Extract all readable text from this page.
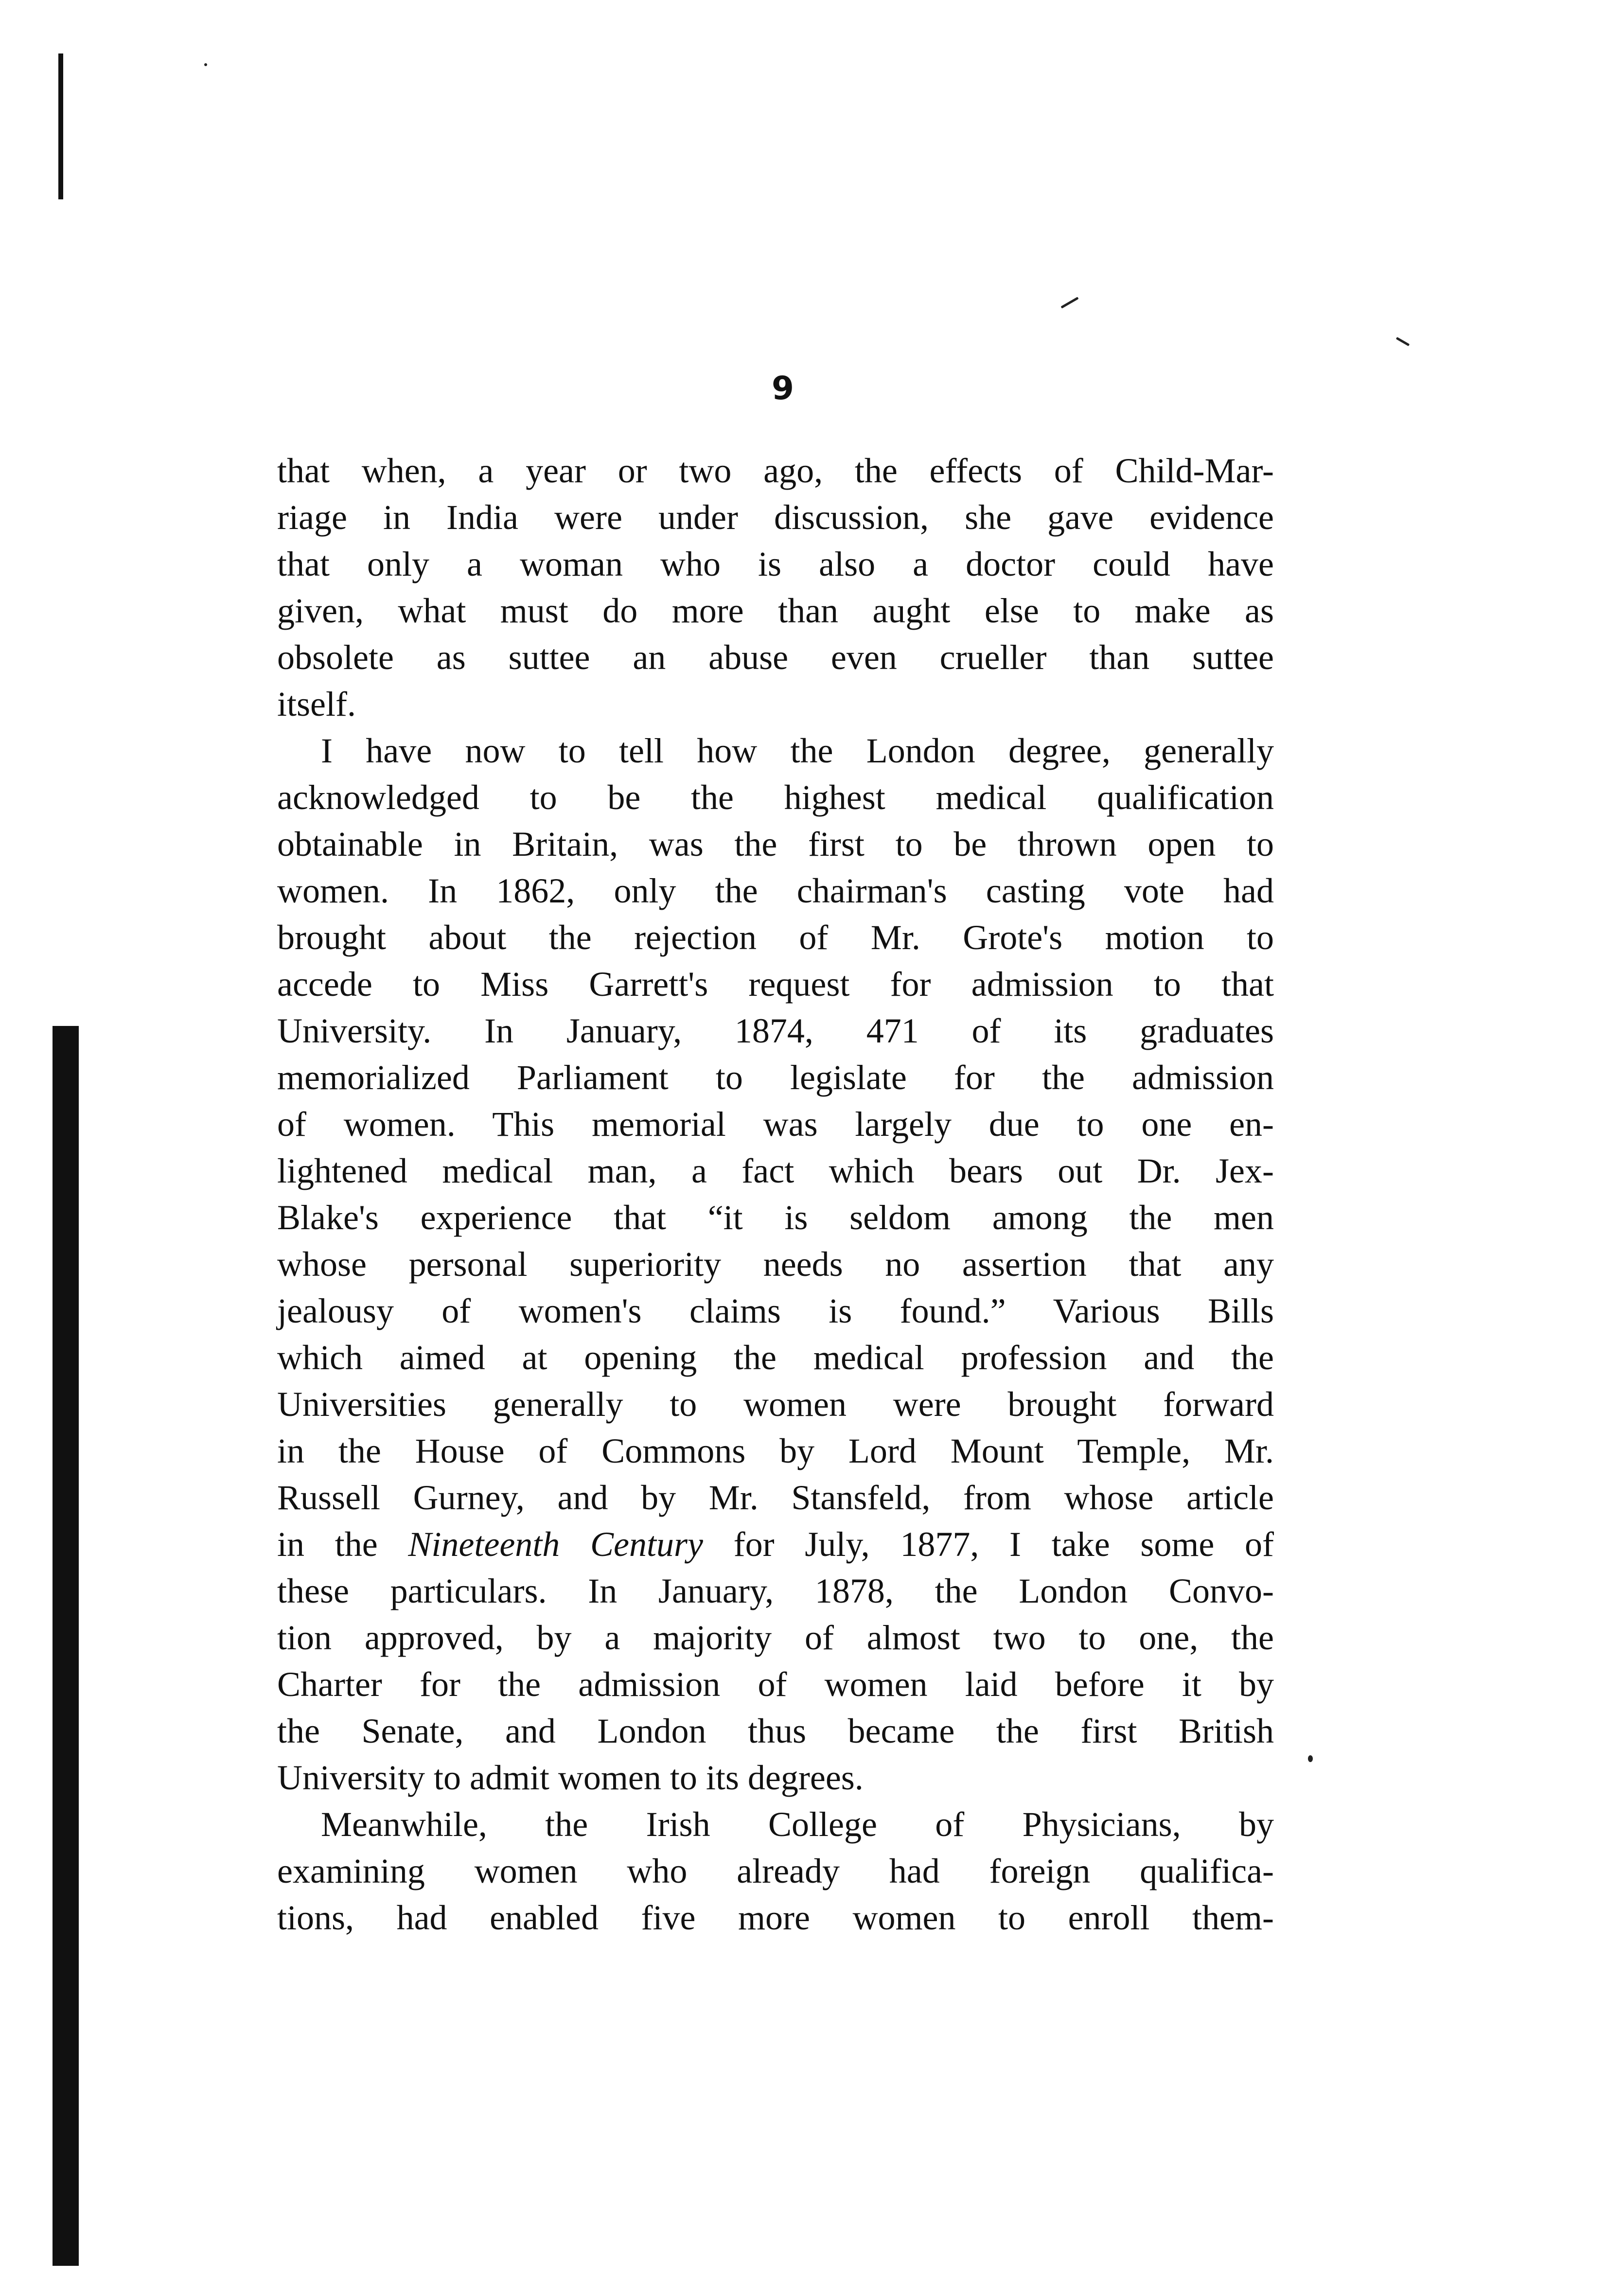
9
that when, a year or two ago, the effects of Child-Mar-
riage in India were under discussion, she gave evidence
that only a woman who is also a doctor could have
given, what must do more than aught else to make as
obsolete as suttee an abuse even crueller than suttee
itself.
I have now to tell how the London degree, generally
acknowledged to be the highest medical qualification
obtainable in Britain, was the first to be thrown open to
women. In 1862, only the chairman's casting vote had
brought about the rejection of Mr. Grote's motion to
accede to Miss Garrett's request for admission to that
University. In January, 1874, 471 of its graduates
memorialized Parliament to legislate for the admission
of women. This memorial was largely due to one en-
lightened medical man, a fact which bears out Dr. Jex-
Blake's experience that “it is seldom among the men
whose personal superiority needs no assertion that any
jealousy of women's claims is found.” Various Bills
which aimed at opening the medical profession and the
Universities generally to women were brought forward
in the House of Commons by Lord Mount Temple, Mr.
Russell Gurney, and by Mr. Stansfeld, from whose article
in the Nineteenth Century for July, 1877, I take some of
these particulars. In January, 1878, the London Convo-
tion approved, by a majority of almost two to one, the
Charter for the admission of women laid before it by
the Senate, and London thus became the first British
University to admit women to its degrees.
Meanwhile, the Irish College of Physicians, by
examining women who already had foreign qualifica-
tions, had enabled five more women to enroll them-
